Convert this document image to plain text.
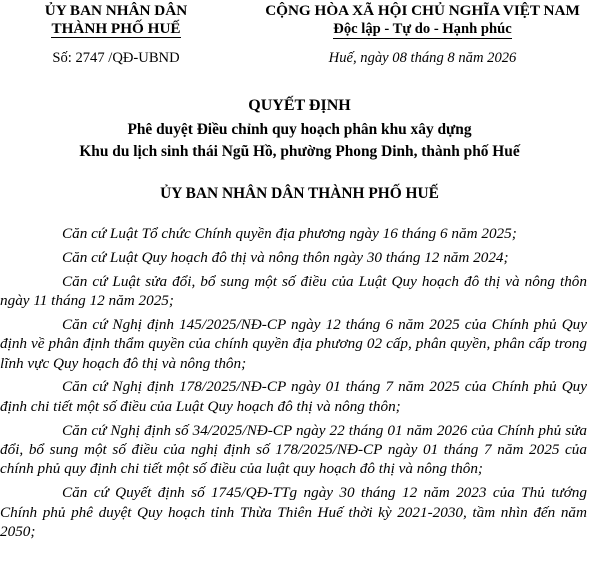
ỦY BAN NHÂN DÂN
THÀNH PHỐ HUẾ
CỘNG HÒA XÃ HỘI CHỦ NGHĨA VIỆT NAM
Độc lập - Tự do - Hạnh phúc
Số: 2747 /QĐ-UBND	Huế, ngày 08 tháng 8 năm 2026
QUYẾT ĐỊNH
Phê duyệt Điều chỉnh quy hoạch phân khu xây dựng
Khu du lịch sinh thái Ngũ Hồ, phường Phong Dinh, thành phố Huế
ỦY BAN NHÂN DÂN THÀNH PHỐ HUẾ

Căn cứ Luật Tổ chức Chính quyền địa phương ngày 16 tháng 6 năm 2025;

Căn cứ Luật Quy hoạch đô thị và nông thôn ngày 30 tháng 12 năm 2024;

Căn cứ Luật sửa đổi, bổ sung một số điều của Luật Quy hoạch đô thị và nông thôn ngày 11 tháng 12 năm 2025;

Căn cứ Nghị định 145/2025/NĐ-CP ngày 12 tháng 6 năm 2025 của Chính phủ Quy định về phân định thẩm quyền của chính quyền địa phương 02 cấp, phân quyền, phân cấp trong lĩnh vực Quy hoạch đô thị và nông thôn;

Căn cứ Nghị định 178/2025/NĐ-CP ngày 01 tháng 7 năm 2025 của Chính phủ Quy định chi tiết một số điều của Luật Quy hoạch đô thị và nông thôn;

Căn cứ Nghị định số 34/2025/NĐ-CP ngày 22 tháng 01 năm 2026 của Chính phủ sửa đổi, bổ sung một số điều của nghị định số 178/2025/NĐ-CP ngày 01 tháng 7 năm 2025 của chính phủ quy định chi tiết một số điều của luật quy hoạch đô thị và nông thôn;

Căn cứ Quyết định số 1745/QĐ-TTg ngày 30 tháng 12 năm 2023 của Thủ tướng Chính phủ phê duyệt Quy hoạch tỉnh Thừa Thiên Huế thời kỳ 2021-2030, tầm nhìn đến năm 2050;
